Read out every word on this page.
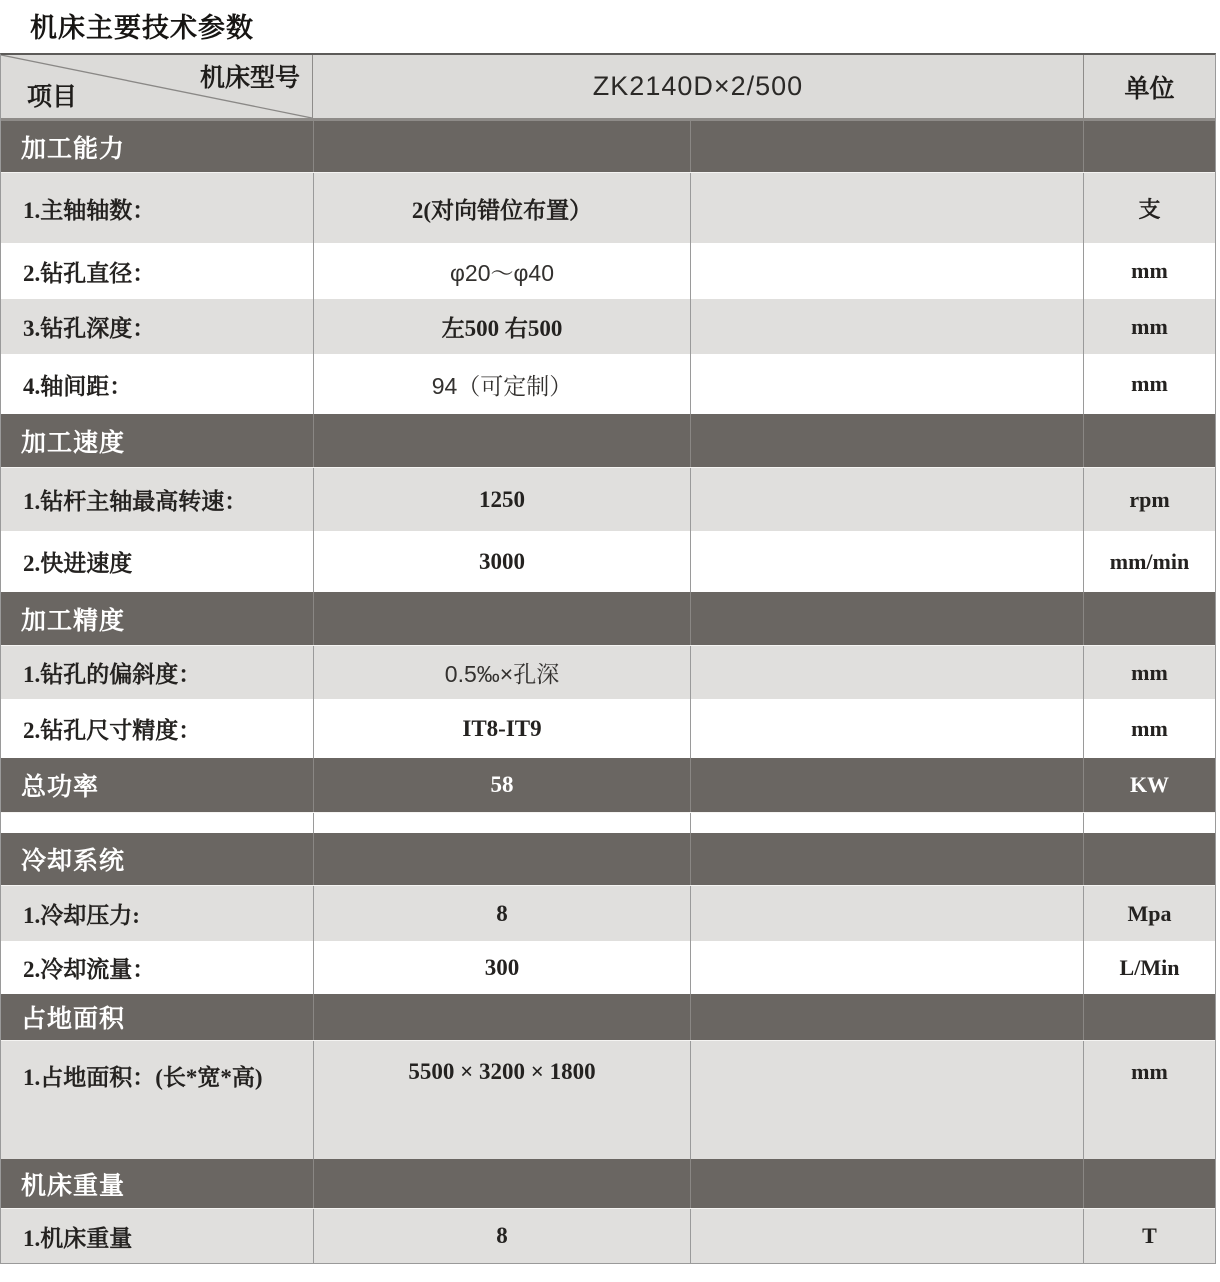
机床主要技术参数
机床型号
项目	ZK2140D×2/500	单位
加工能力
1.主轴轴数：	2(对向错位布置）	支
2.钻孔直径：	φ20～φ40	mm
3.钻孔深度：	左500 右500	mm
4.轴间距：	94（可定制）	mm
加工速度
1.钻杆主轴最高转速：	1250	rpm
2.快进速度	3000	mm/min
加工精度
1.钻孔的偏斜度：	0.5‰×孔深	mm
2.钻孔尺寸精度：	IT8-IT9	mm
总功率	58	KW
冷却系统
1.冷却压力:	8	Mpa
2.冷却流量：	300	L/Min
占地面积
1.占地面积：(长*宽*高)	5500 × 3200 × 1800	mm
机床重量
1.机床重量	8	T
